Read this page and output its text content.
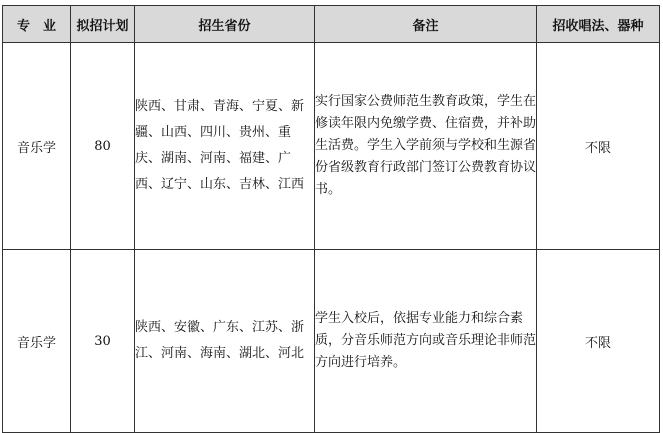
专　业	拟招计划	招生省份	备注	招收唱法、器种
音乐学	80	陕西、甘肃、青海、宁夏、新疆、山西、四川、贵州、重庆、湖南、河南、福建、广西、辽宁、山东、吉林、江西	实行国家公费师范生教育政策，学生在修读年限内免缴学费、住宿费，并补助生活费。学生入学前须与学校和生源省份省级教育行政部门签订公费教育协议书。	不限
音乐学	30	陕西、安徽、广东、江苏、浙江、河南、海南、湖北、河北	学生入校后，依据专业能力和综合素质，分音乐师范方向或音乐理论非师范方向进行培养。	不限
